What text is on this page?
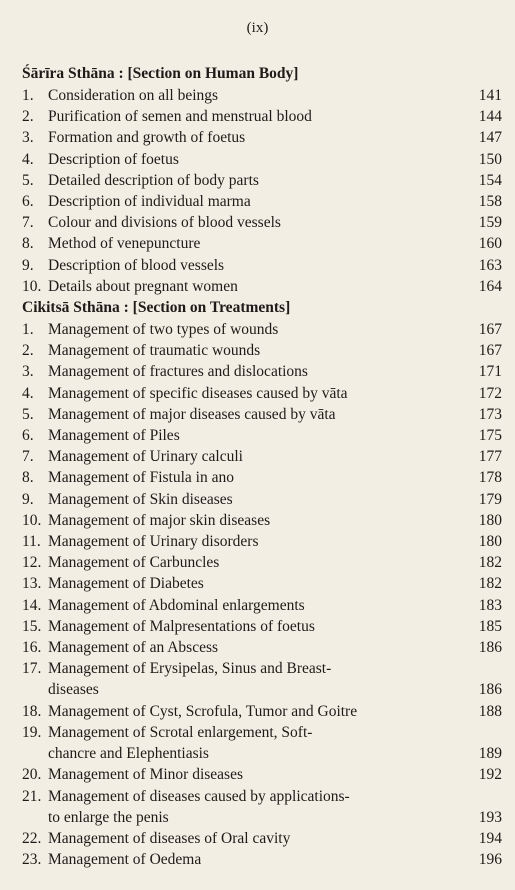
(ix)
Śārīra Sthāna : [Section on Human Body]
1. Consideration on all beings	141
2. Purification of semen and menstrual blood	144
3. Formation and growth of foetus	147
4. Description of foetus	150
5. Detailed description of body parts	154
6. Description of individual marma	158
7. Colour and divisions of blood vessels	159
8. Method of venepuncture	160
9. Description of blood vessels	163
10. Details about pregnant women	164
Cikitsā Sthāna : [Section on Treatments]
1. Management of two types of wounds	167
2. Management of traumatic wounds	167
3. Management of fractures and dislocations	171
4. Management of specific diseases caused by vāta	172
5. Management of major diseases caused by vāta	173
6. Management of Piles	175
7. Management of Urinary calculi	177
8. Management of Fistula in ano	178
9. Management of Skin diseases	179
10. Management of major skin diseases	180
11. Management of Urinary disorders	180
12. Management of Carbuncles	182
13. Management of Diabetes	182
14. Management of Abdominal enlargements	183
15. Management of Malpresentations of foetus	185
16. Management of an Abscess	186
17. Management of Erysipelas, Sinus and Breast-
diseases	186
18. Management of Cyst, Scrofula, Tumor and Goitre	188
19. Management of Scrotal enlargement, Soft-
chancre and Elephentiasis	189
20. Management of Minor diseases	192
21. Management of diseases caused by applications-
to enlarge the penis	193
22. Management of diseases of Oral cavity	194
23. Management of Oedema	196
